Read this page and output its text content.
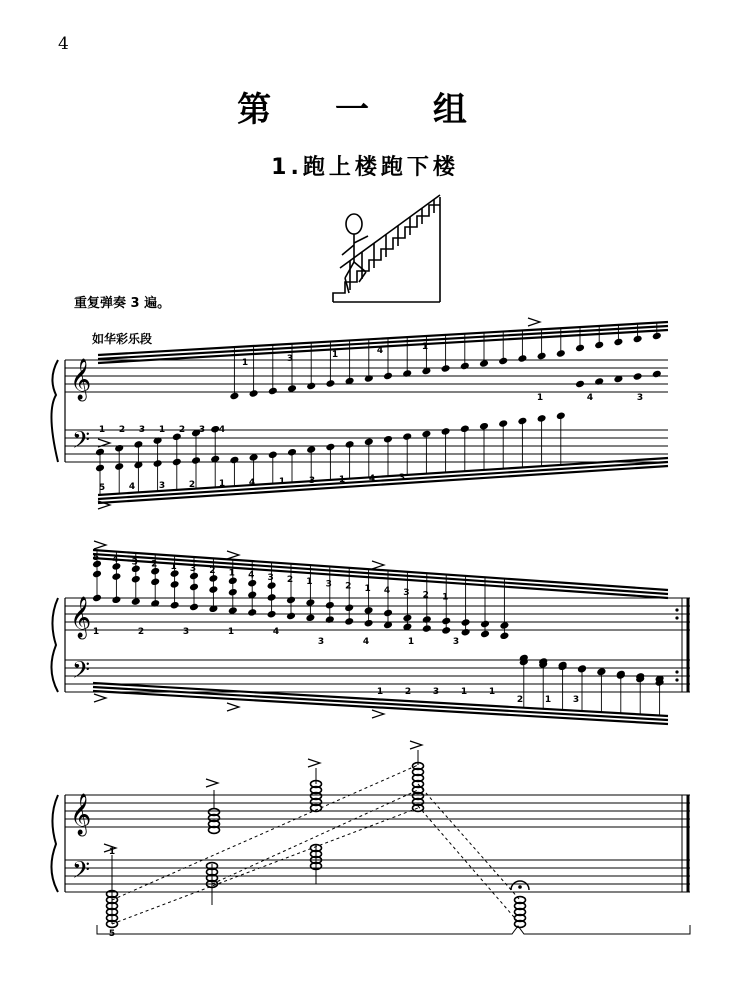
4
第 一 组
1.跑上楼跑下楼
重复弹奏 3 遍。
如华彩乐段
𝄞
𝄢
1	3	1	4	1
1	4	3
1 2 3 1 2 3 4
5	4	3	2	1	4	1	3	1	4	3
𝄞
𝄢
5 4 3 2 1 3 2 1 4 3 2 1 3 2 1 4 3 2 1
1	2	3	1	4
3	4	1	3
1 2 3 1 1
2 1 3
𝄞
𝄢
1
5
